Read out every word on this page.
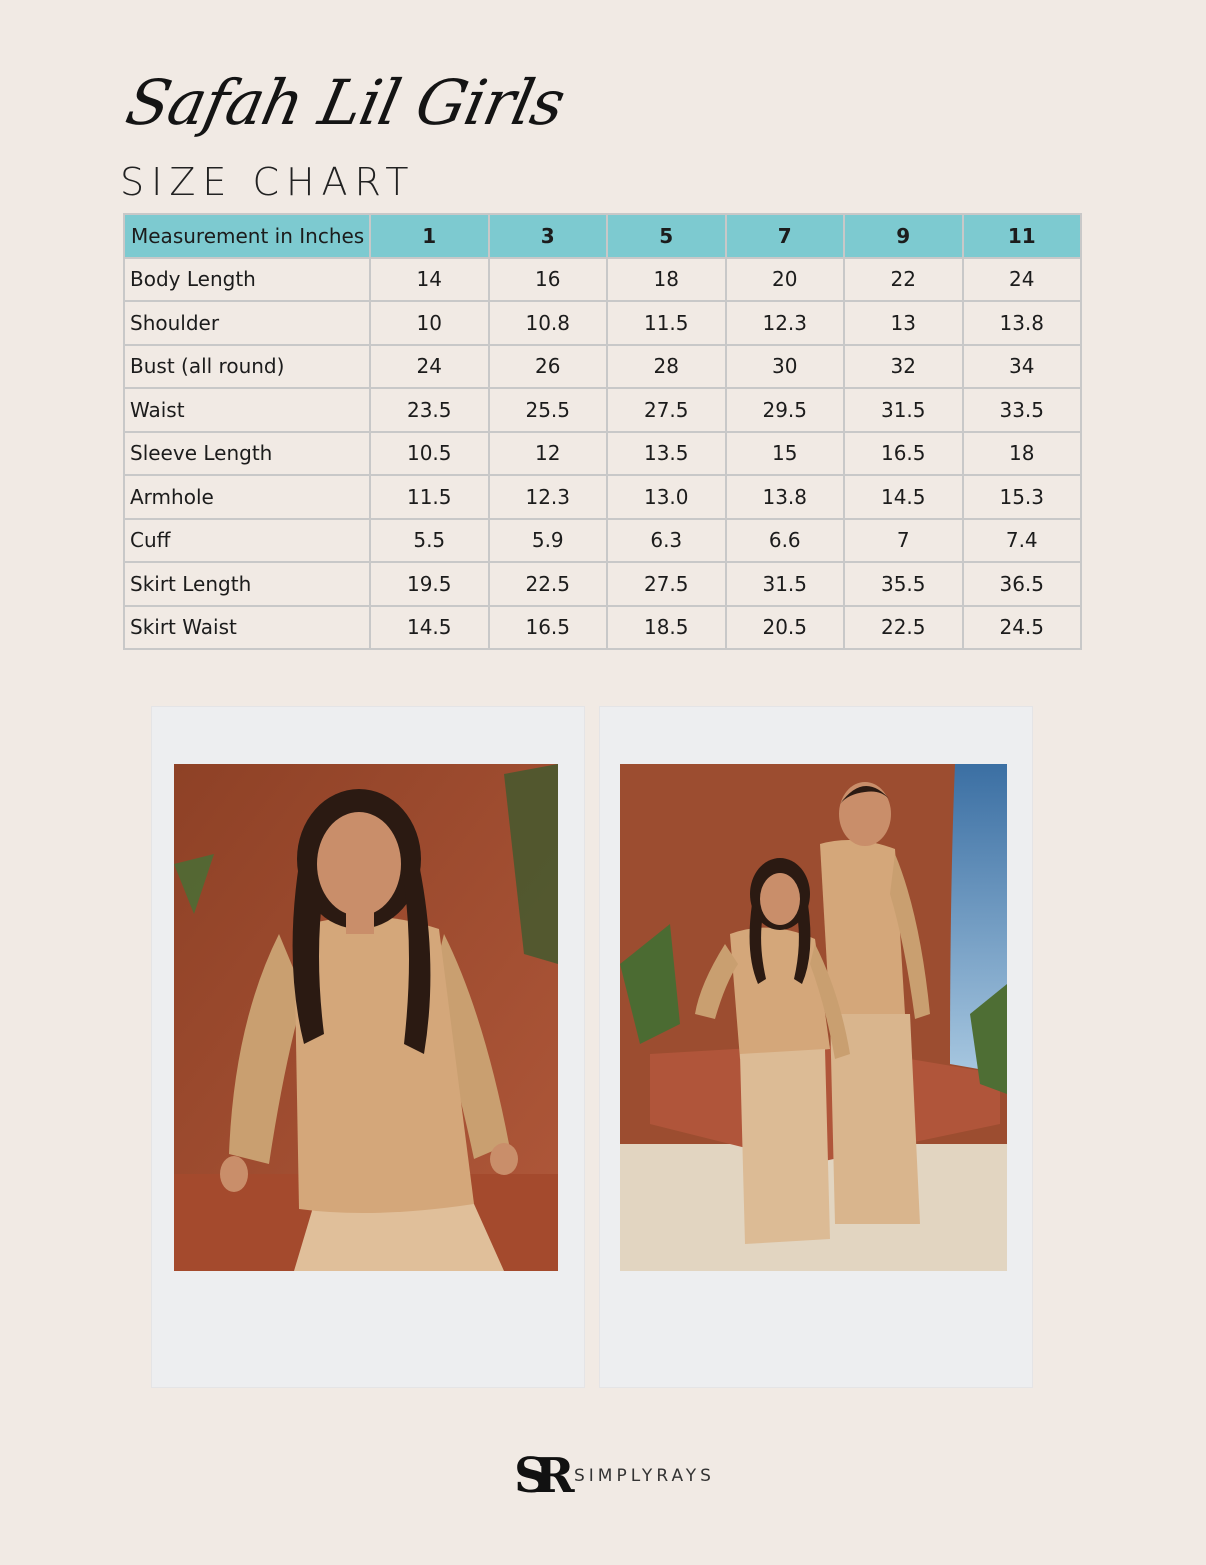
Safah Lil Girls
SIZE CHART
Measurement in Inches	1	3	5	7	9	11
Body Length	14	16	18	20	22	24
Shoulder	10	10.8	11.5	12.3	13	13.8
Bust (all round)	24	26	28	30	32	34
Waist	23.5	25.5	27.5	29.5	31.5	33.5
Sleeve Length	10.5	12	13.5	15	16.5	18
Armhole	11.5	12.3	13.0	13.8	14.5	15.3
Cuff	5.5	5.9	6.3	6.6	7	7.4
Skirt Length	19.5	22.5	27.5	31.5	35.5	36.5
Skirt Waist	14.5	16.5	18.5	20.5	22.5	24.5
SR SIMPLYRAYS
